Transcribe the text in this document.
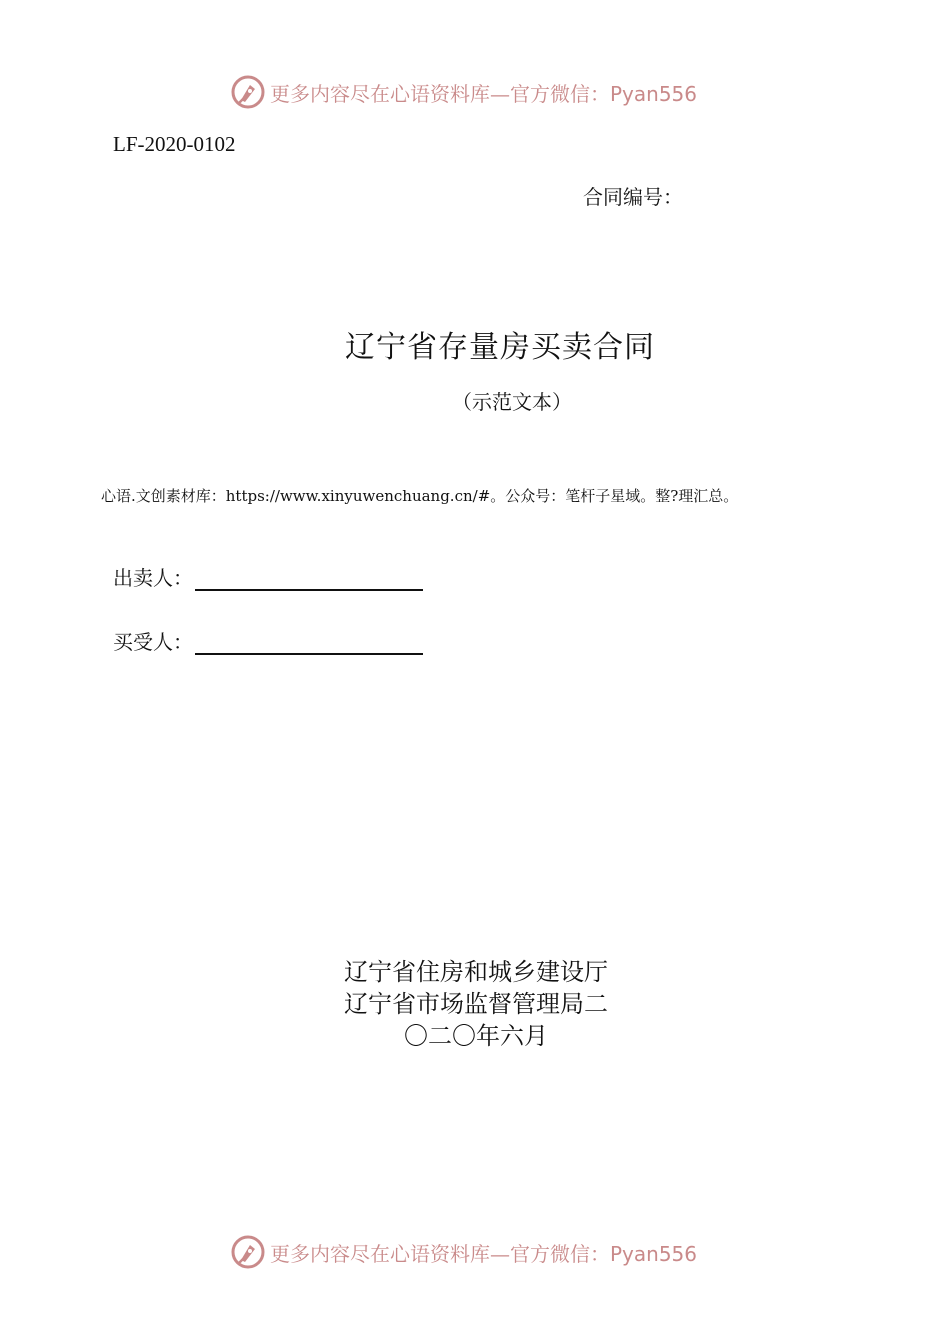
更多内容尽在心语资料库—官方微信：Pyan556
LF-2020-0102
合同编号：
辽宁省存量房买卖合同
（示范文本）
心语.文创素材库：https://www.xinyuwenchuang.cn/#。公众号：笔杆子星域。整?理汇总。
出卖人：
买受人：
辽宁省住房和城乡建设厅
辽宁省市场监督管理局二
〇二〇年六月
更多内容尽在心语资料库—官方微信：Pyan556
